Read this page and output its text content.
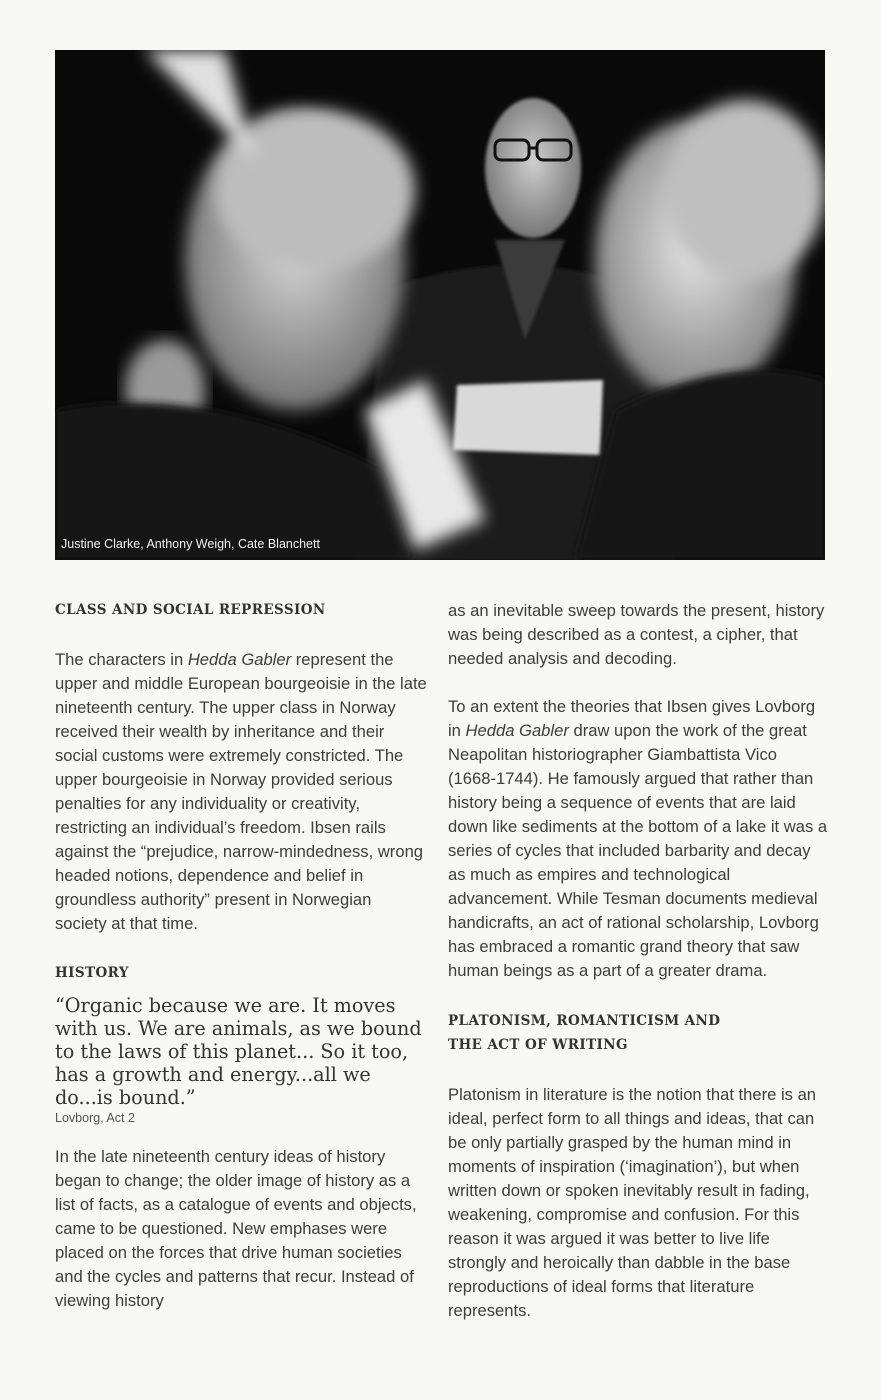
Justine Clarke, Anthony Weigh, Cate Blanchett
CLASS AND SOCIAL REPRESSION

The characters in Hedda Gabler represent the upper and middle European bourgeoisie in the late nineteenth century. The upper class in Norway received their wealth by inheritance and their social customs were extremely constricted. The upper bourgeoisie in Norway provided serious penalties for any individuality or creativity, restricting an individual’s freedom. Ibsen rails against the “prejudice, narrow-mindedness, wrong headed notions, dependence and belief in groundless authority” present in Norwegian society at that time.

HISTORY

“Organic because we are. It moves with us. We are animals, as we bound to the laws of this planet... So it too, has a growth and energy...all we do...is bound.”

Lovborg, Act 2

In the late nineteenth century ideas of history began to change; the older image of history as a list of facts, as a catalogue of events and objects, came to be questioned. New emphases were placed on the forces that drive human societies and the cycles and patterns that recur. Instead of viewing history

as an inevitable sweep towards the present, history was being described as a contest, a cipher, that needed analysis and decoding.

To an extent the theories that Ibsen gives Lovborg in Hedda Gabler draw upon the work of the great Neapolitan historiographer Giambattista Vico (1668-1744). He famously argued that rather than history being a sequence of events that are laid down like sediments at the bottom of a lake it was a series of cycles that included barbarity and decay as much as empires and technological advancement. While Tesman documents medieval handicrafts, an act of rational scholarship, Lovborg has embraced a romantic grand theory that saw human beings as a part of a greater drama.

PLATONISM, ROMANTICISM AND
THE ACT OF WRITING

Platonism in literature is the notion that there is an ideal, perfect form to all things and ideas, that can be only partially grasped by the human mind in moments of inspiration (‘imagination’), but when written down or spoken inevitably result in fading, weakening, compromise and confusion. For this reason it was argued it was better to live life strongly and heroically than dabble in the base reproductions of ideal forms that literature represents.
